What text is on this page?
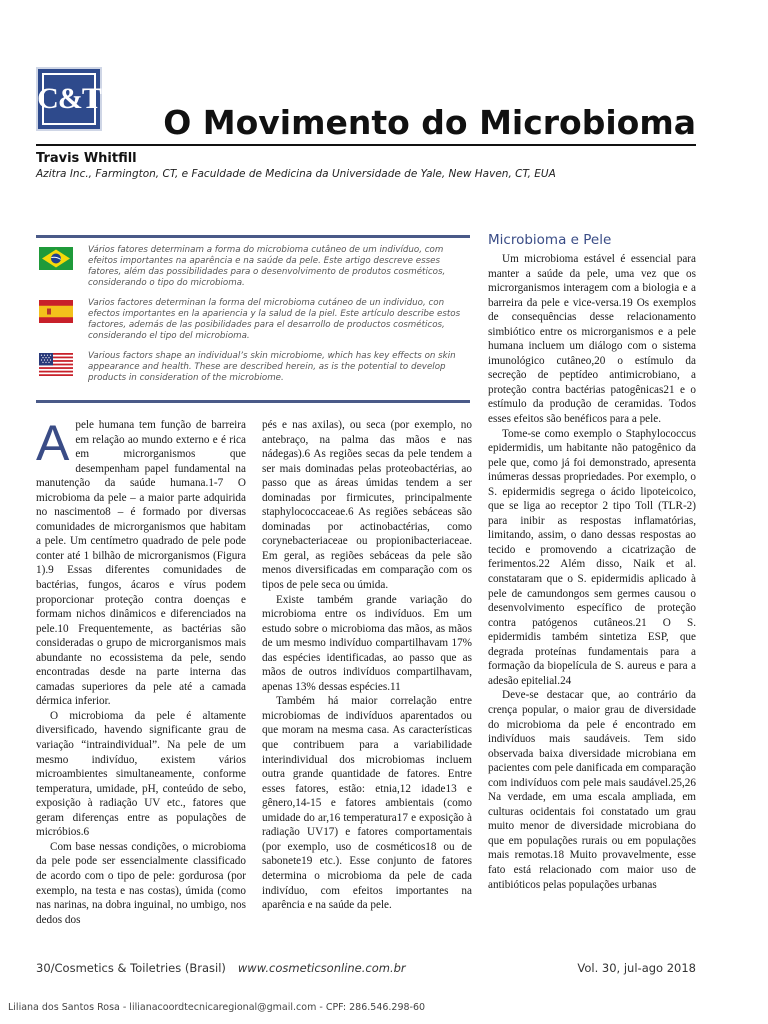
C&T
O Movimento do Microbioma
Travis Whitfill
Azitra Inc., Farmington, CT, e Faculdade de Medicina da Universidade de Yale, New Haven, CT, EUA
Vários fatores determinam a forma do microbioma cutâneo de um indivíduo, com efeitos importantes na aparência e na saúde da pele. Este artigo descreve esses fatores, além das possibilidades para o desenvolvimento de produtos cosméticos, considerando o tipo do microbioma.
Varios factores determinan la forma del microbioma cutáneo de un individuo, con efectos importantes en la apariencia y la salud de la piel. Este artículo describe estos factores, además de las posibilidades para el desarrollo de productos cosméticos, considerando el tipo del microbioma.
Various factors shape an individual’s skin microbiome, which has key effects on skin appearance and health. These are described herein, as is the potential to develop products in consideration of the microbiome.

Apele humana tem função de barreira em relação ao mundo externo e é rica em microrganismos que desempenham papel fundamental na manutenção da saúde humana.1-7 O microbioma da pele – a maior parte adquirida no nascimento8 – é formado por diversas comunidades de microrganismos que habitam a pele. Um centímetro quadrado de pele pode conter até 1 bilhão de microrganismos (Figura 1).9 Essas diferentes comunidades de bactérias, fungos, ácaros e vírus podem proporcionar proteção contra doenças e formam nichos dinâmicos e diferenciados na pele.10 Frequentemente, as bactérias são consideradas o grupo de microrganismos mais abundante no ecossistema da pele, sendo encontradas desde na parte interna das camadas superiores da pele até a camada dérmica inferior.

O microbioma da pele é altamente diversificado, havendo significante grau de variação “intraindividual”. Na pele de um mesmo indivíduo, existem vários microambientes simultaneamente, conforme temperatura, umidade, pH, conteúdo de sebo, exposição à radiação UV etc., fatores que geram diferenças entre as populações de micróbios.6

Com base nessas condições, o microbioma da pele pode ser essencialmente classificado de acordo com o tipo de pele: gordurosa (por exemplo, na testa e nas costas), úmida (como nas narinas, na dobra inguinal, no umbigo, nos dedos dos

pés e nas axilas), ou seca (por exemplo, no antebraço, na palma das mãos e nas nádegas).6 As regiões secas da pele tendem a ser mais dominadas pelas proteobactérias, ao passo que as áreas úmidas tendem a ser dominadas por firmicutes, principalmente staphylococcaceae.6 As regiões sebáceas são dominadas por actinobactérias, como corynebacteriaceae ou propionibacteriaceae. Em geral, as regiões sebáceas da pele são menos diversificadas em comparação com os tipos de pele seca ou úmida.

Existe também grande variação do microbioma entre os indivíduos. Em um estudo sobre o microbioma das mãos, as mãos de um mesmo indivíduo compartilhavam 17% das espécies identificadas, ao passo que as mãos de outros indivíduos compartilhavam, apenas 13% dessas espécies.11

Também há maior correlação entre microbiomas de indivíduos aparentados ou que moram na mesma casa. As características que contribuem para a variabilidade interindividual dos microbiomas incluem outra grande quantidade de fatores. Entre esses fatores, estão: etnia,12 idade13 e gênero,14-15 e fatores ambientais (como umidade do ar,16 temperatura17 e exposição à radiação UV17) e fatores comportamentais (por exemplo, uso de cosméticos18 ou de sabonete19 etc.). Esse conjunto de fatores determina o microbioma da pele de cada indivíduo, com efeitos importantes na aparência e na saúde da pele.

Microbioma e Pele

Um microbioma estável é essencial para manter a saúde da pele, uma vez que os microrganismos interagem com a biologia e a barreira da pele e vice-versa.19 Os exemplos de consequências desse relacionamento simbiótico entre os microrganismos e a pele humana incluem um diálogo com o sistema imunológico cutâneo,20 o estímulo da secreção de peptídeo antimicrobiano, a proteção contra bactérias patogênicas21 e o estímulo da produção de ceramidas. Todos esses efeitos são benéficos para a pele.

Tome-se como exemplo o Staphylococcus epidermidis, um habitante não patogênico da pele que, como já foi demonstrado, apresenta inúmeras dessas propriedades. Por exemplo, o S. epidermidis segrega o ácido lipoteicoico, que se liga ao receptor 2 tipo Toll (TLR-2) para inibir as respostas inflamatórias, limitando, assim, o dano dessas respostas ao tecido e promovendo a cicatrização de ferimentos.22 Além disso, Naik et al. constataram que o S. epidermidis aplicado à pele de camundongos sem germes causou o desenvolvimento específico de proteção contra patógenos cutâneos.21 O S. epidermidis também sintetiza ESP, que degrada proteínas fundamentais para a formação da biopelícula de S. aureus e para a adesão epitelial.24

Deve-se destacar que, ao contrário da crença popular, o maior grau de diversidade do microbioma da pele é encontrado em indivíduos mais saudáveis. Tem sido observada baixa diversidade microbiana em pacientes com pele danificada em comparação com indivíduos com pele mais saudável.25,26 Na verdade, em uma escala ampliada, em culturas ocidentais foi constatado um grau muito menor de diversidade microbiana do que em populações rurais ou em populações mais remotas.18 Muito provavelmente, esse fato está relacionado com maior uso de antibióticos pelas populações urbanas

30/Cosmetics & Toiletries (Brasil) www.cosmeticsonline.com.br	Vol. 30, jul-ago 2018
Liliana dos Santos Rosa - lilianacoordtecnicaregional@gmail.com - CPF: 286.546.298-60
